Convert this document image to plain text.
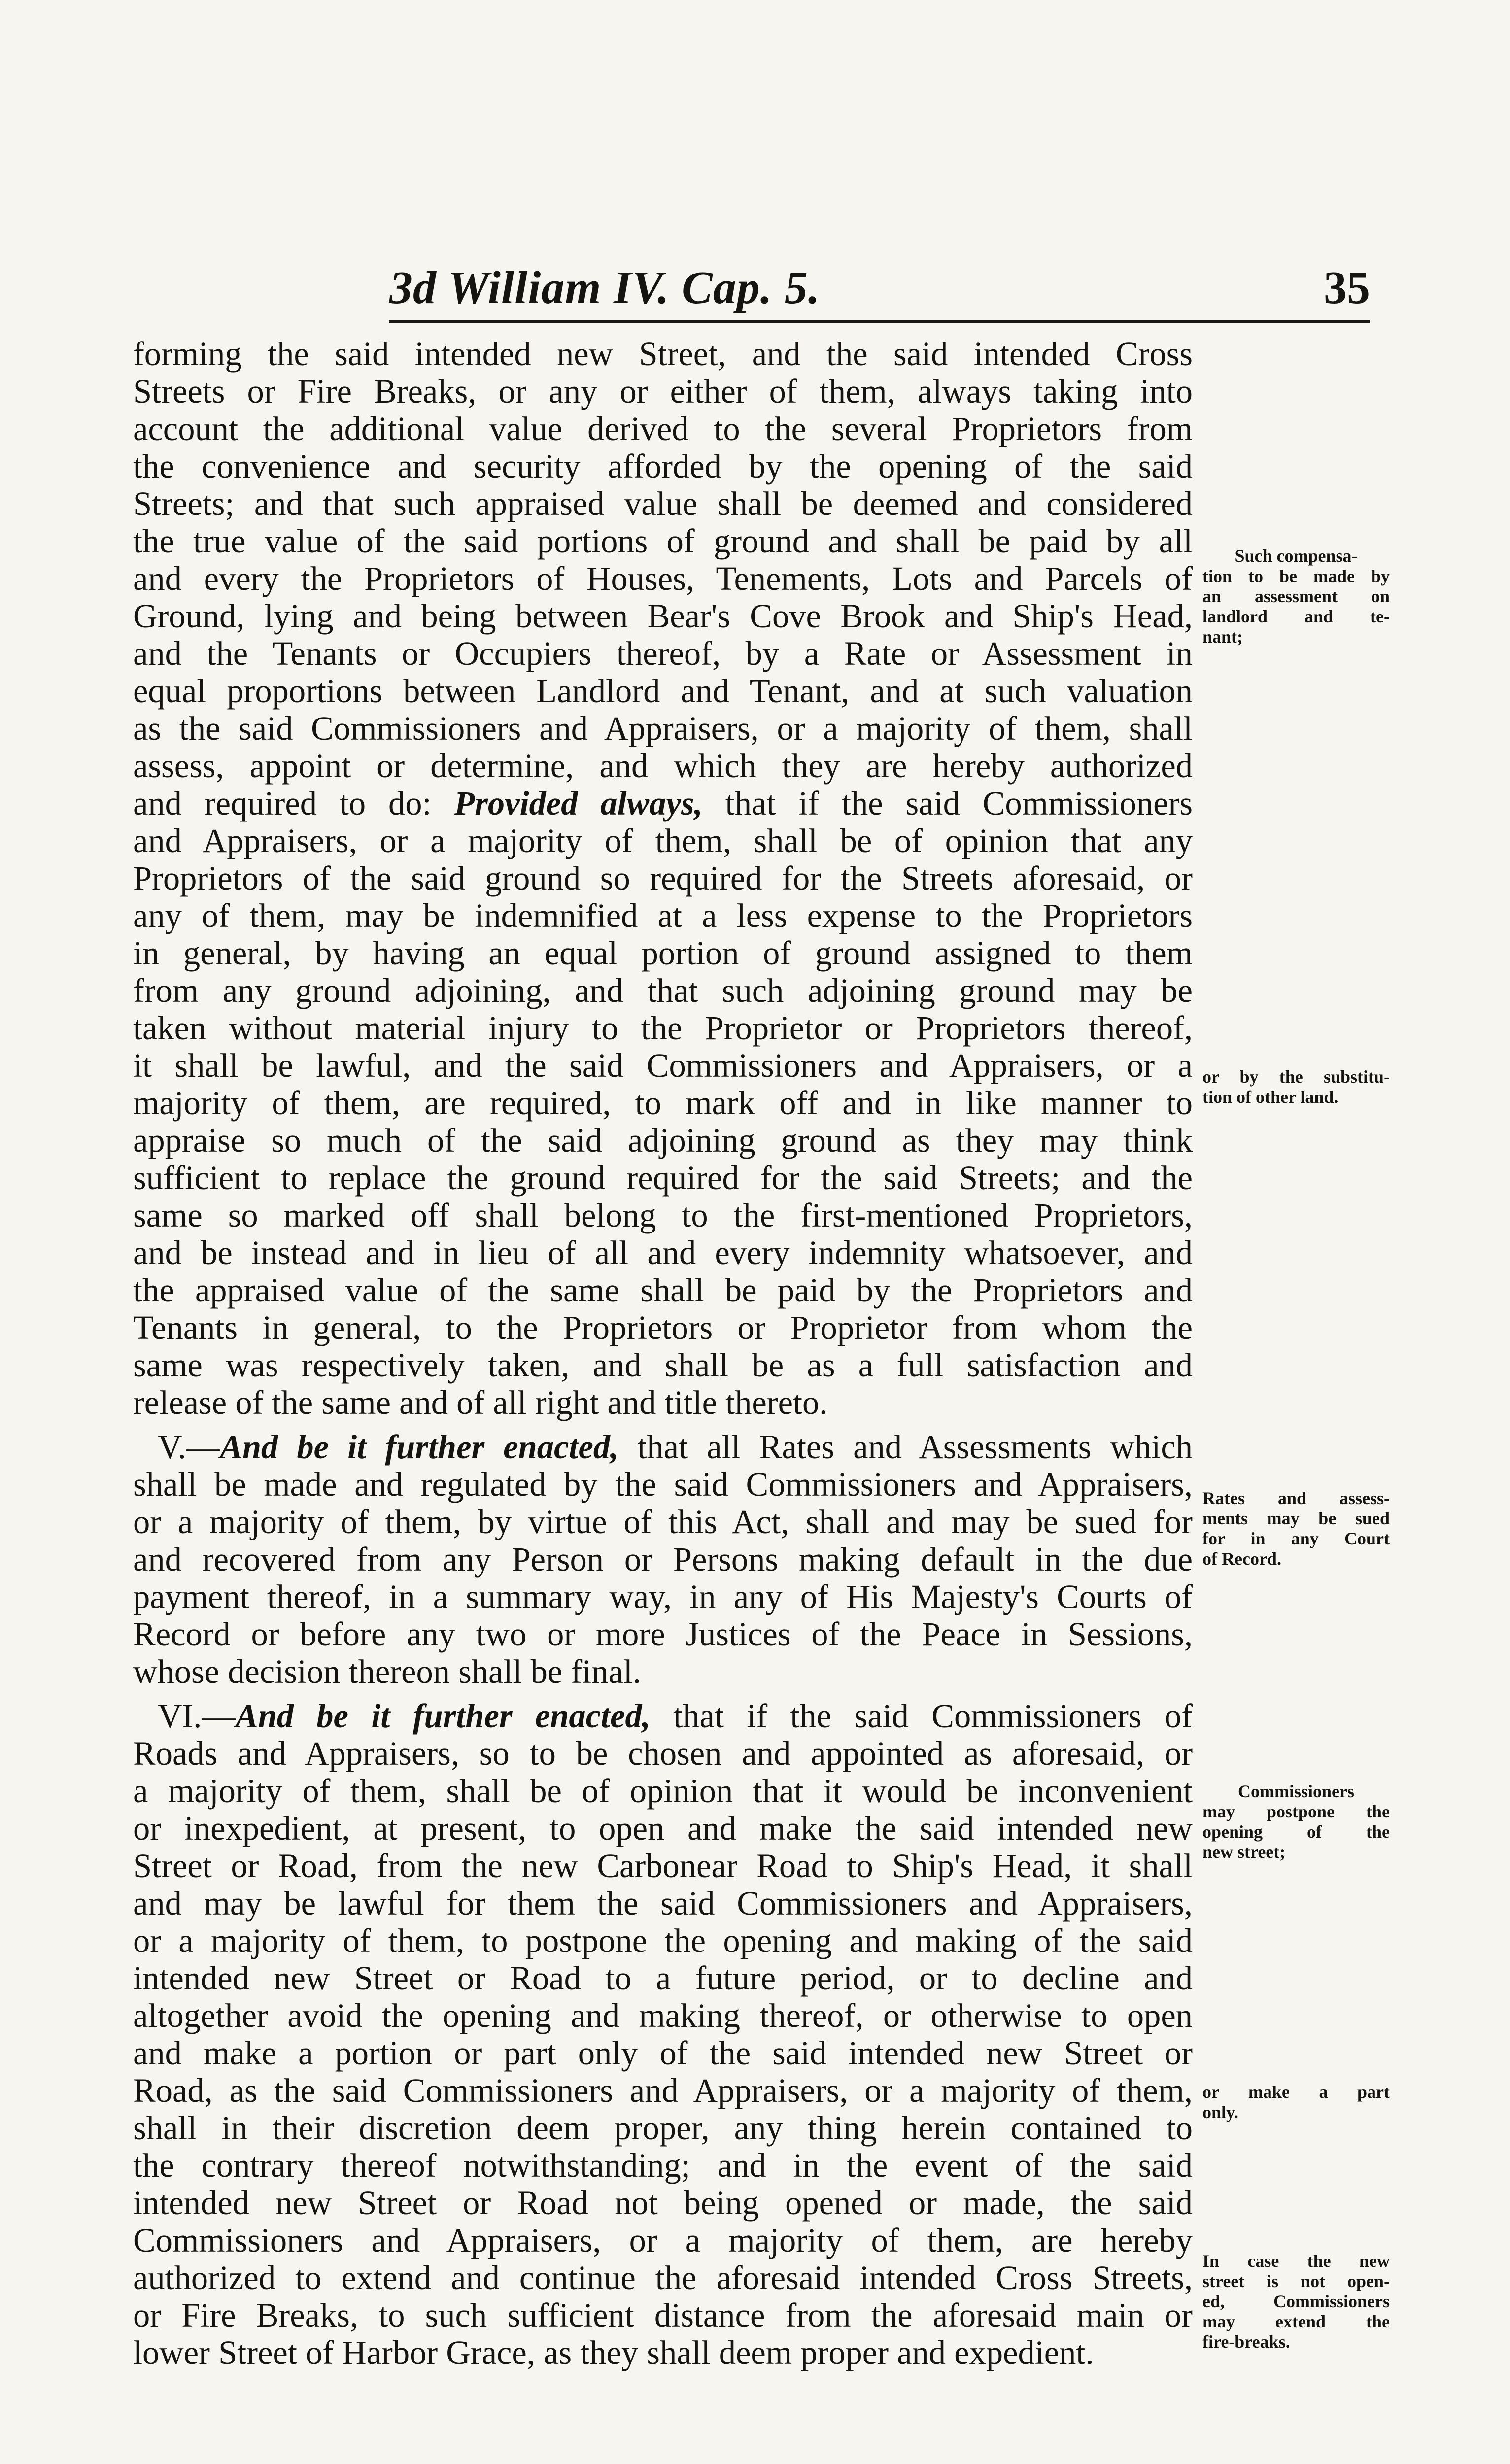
3d William IV. Cap. 5.	35
forming the said intended new Street, and the said intended Cross
Streets or Fire Breaks, or any or either of them, always taking into
account the additional value derived to the several Proprietors from
the convenience and security afforded by the opening of the said
Streets; and that such appraised value shall be deemed and considered
the true value of the said portions of ground and shall be paid by all
and every the Proprietors of Houses, Tenements, Lots and Parcels of
Ground, lying and being between Bear's Cove Brook and Ship's Head,
and the Tenants or Occupiers thereof, by a Rate or Assessment in
equal proportions between Landlord and Tenant, and at such valuation
as the said Commissioners and Appraisers, or a majority of them, shall
assess, appoint or determine, and which they are hereby authorized
and required to do: Provided always, that if the said Commissioners
and Appraisers, or a majority of them, shall be of opinion that any
Proprietors of the said ground so required for the Streets aforesaid, or
any of them, may be indemnified at a less expense to the Proprietors
in general, by having an equal portion of ground assigned to them
from any ground adjoining, and that such adjoining ground may be
taken without material injury to the Proprietor or Proprietors thereof,
it shall be lawful, and the said Commissioners and Appraisers, or a
majority of them, are required, to mark off and in like manner to
appraise so much of the said adjoining ground as they may think
sufficient to replace the ground required for the said Streets; and the
same so marked off shall belong to the first-mentioned Proprietors,
and be instead and in lieu of all and every indemnity whatsoever, and
the appraised value of the same shall be paid by the Proprietors and
Tenants in general, to the Proprietors or Proprietor from whom the
same was respectively taken, and shall be as a full satisfaction and
release of the same and of all right and title thereto.
V.—And be it further enacted, that all Rates and Assessments which
shall be made and regulated by the said Commissioners and Appraisers,
or a majority of them, by virtue of this Act, shall and may be sued for
and recovered from any Person or Persons making default in the due
payment thereof, in a summary way, in any of His Majesty's Courts of
Record or before any two or more Justices of the Peace in Sessions,
whose decision thereon shall be final.
VI.—And be it further enacted, that if the said Commissioners of
Roads and Appraisers, so to be chosen and appointed as aforesaid, or
a majority of them, shall be of opinion that it would be inconvenient
or inexpedient, at present, to open and make the said intended new
Street or Road, from the new Carbonear Road to Ship's Head, it shall
and may be lawful for them the said Commissioners and Appraisers,
or a majority of them, to postpone the opening and making of the said
intended new Street or Road to a future period, or to decline and
altogether avoid the opening and making thereof, or otherwise to open
and make a portion or part only of the said intended new Street or
Road, as the said Commissioners and Appraisers, or a majority of them,
shall in their discretion deem proper, any thing herein contained to
the contrary thereof notwithstanding; and in the event of the said
intended new Street or Road not being opened or made, the said
Commissioners and Appraisers, or a majority of them, are hereby
authorized to extend and continue the aforesaid intended Cross Streets,
or Fire Breaks, to such sufficient distance from the aforesaid main or
lower Street of Harbor Grace, as they shall deem proper and expedient.
Such compensa-
tion to be made by
an assessment on
landlord and te-
nant;
or by the substitu-
tion of other land.
Rates and assess-
ments may be sued
for in any Court
of Record.
Commissioners
may postpone the
opening of the
new street;
or make a part
only.
In case the new
street is not open-
ed, Commissioners
may extend the
fire-breaks.
